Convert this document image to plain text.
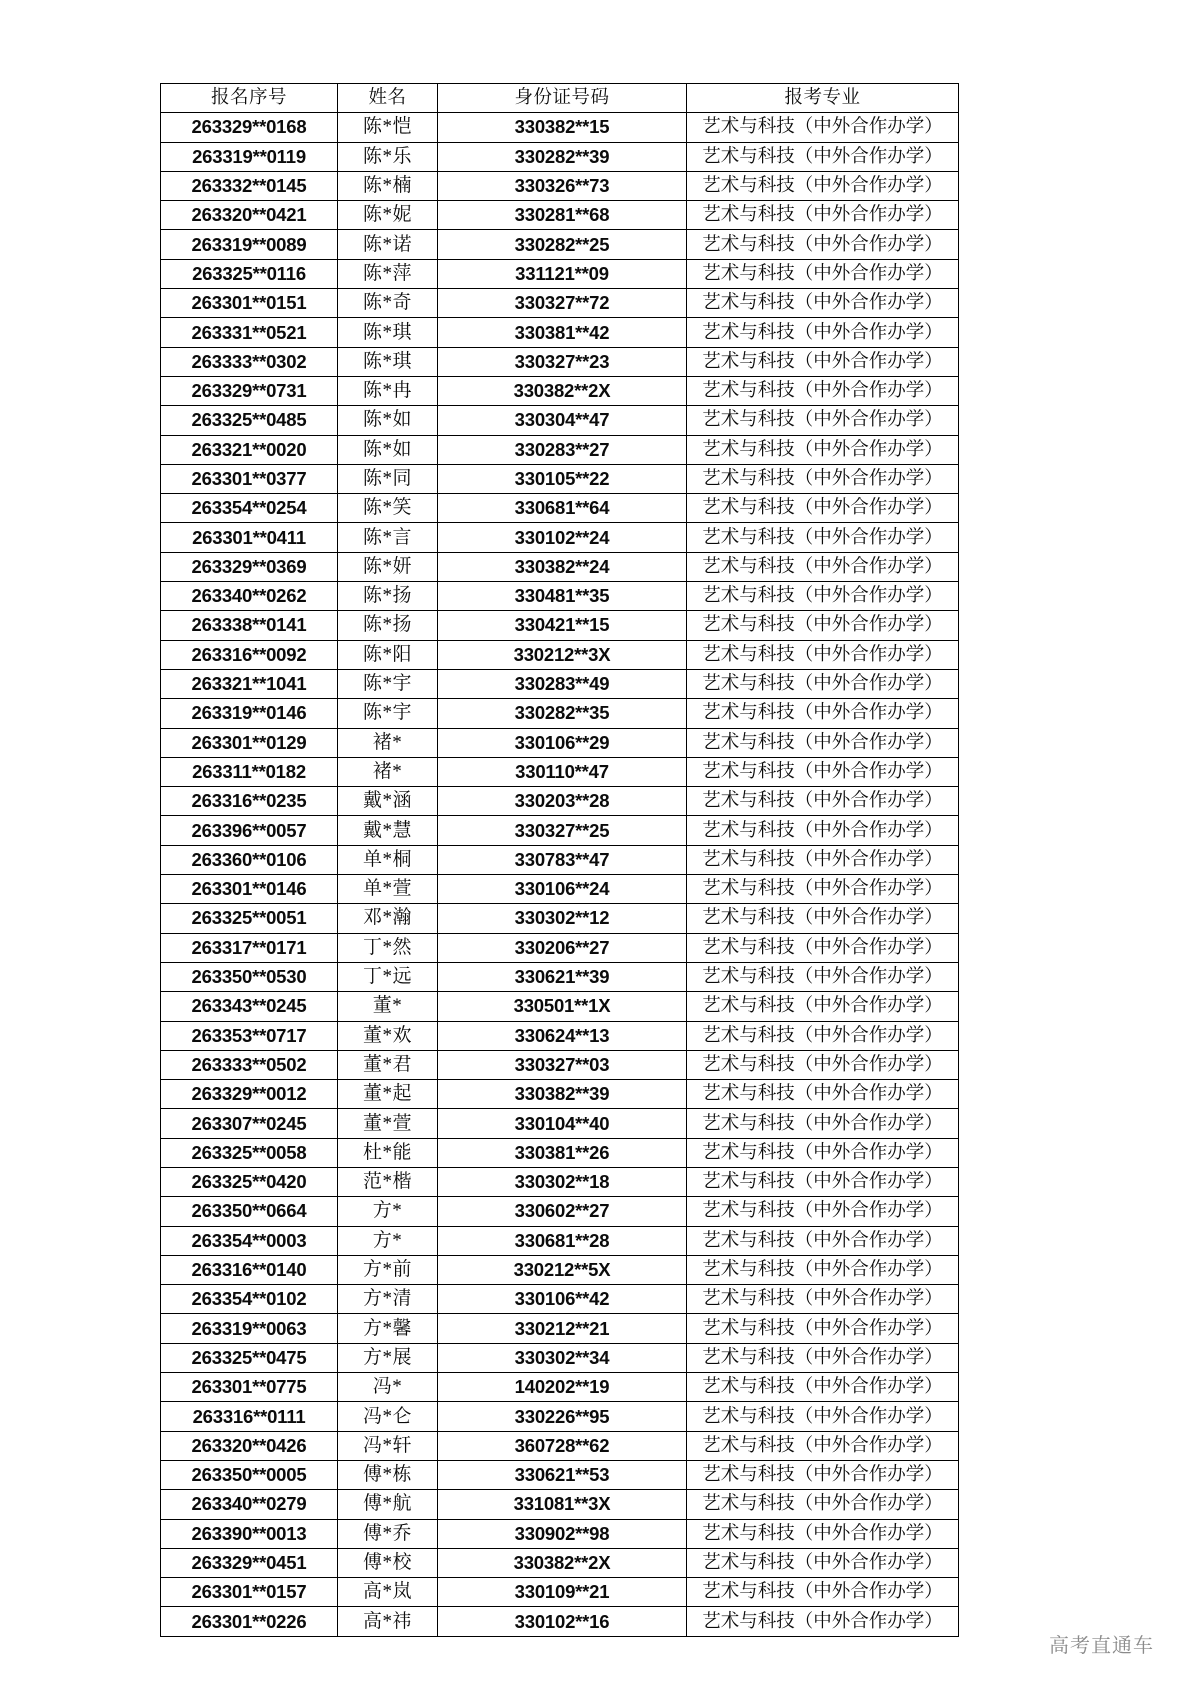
报名序号	姓名	身份证号码	报考专业
263329**0168	陈*恺	330382**15	艺术与科技（中外合作办学）
263319**0119	陈*乐	330282**39	艺术与科技（中外合作办学）
263332**0145	陈*楠	330326**73	艺术与科技（中外合作办学）
263320**0421	陈*妮	330281**68	艺术与科技（中外合作办学）
263319**0089	陈*诺	330282**25	艺术与科技（中外合作办学）
263325**0116	陈*萍	331121**09	艺术与科技（中外合作办学）
263301**0151	陈*奇	330327**72	艺术与科技（中外合作办学）
263331**0521	陈*琪	330381**42	艺术与科技（中外合作办学）
263333**0302	陈*琪	330327**23	艺术与科技（中外合作办学）
263329**0731	陈*冉	330382**2X	艺术与科技（中外合作办学）
263325**0485	陈*如	330304**47	艺术与科技（中外合作办学）
263321**0020	陈*如	330283**27	艺术与科技（中外合作办学）
263301**0377	陈*同	330105**22	艺术与科技（中外合作办学）
263354**0254	陈*笑	330681**64	艺术与科技（中外合作办学）
263301**0411	陈*言	330102**24	艺术与科技（中外合作办学）
263329**0369	陈*妍	330382**24	艺术与科技（中外合作办学）
263340**0262	陈*扬	330481**35	艺术与科技（中外合作办学）
263338**0141	陈*扬	330421**15	艺术与科技（中外合作办学）
263316**0092	陈*阳	330212**3X	艺术与科技（中外合作办学）
263321**1041	陈*宇	330283**49	艺术与科技（中外合作办学）
263319**0146	陈*宇	330282**35	艺术与科技（中外合作办学）
263301**0129	褚*	330106**29	艺术与科技（中外合作办学）
263311**0182	褚*	330110**47	艺术与科技（中外合作办学）
263316**0235	戴*涵	330203**28	艺术与科技（中外合作办学）
263396**0057	戴*慧	330327**25	艺术与科技（中外合作办学）
263360**0106	单*桐	330783**47	艺术与科技（中外合作办学）
263301**0146	单*萱	330106**24	艺术与科技（中外合作办学）
263325**0051	邓*瀚	330302**12	艺术与科技（中外合作办学）
263317**0171	丁*然	330206**27	艺术与科技（中外合作办学）
263350**0530	丁*远	330621**39	艺术与科技（中外合作办学）
263343**0245	董*	330501**1X	艺术与科技（中外合作办学）
263353**0717	董*欢	330624**13	艺术与科技（中外合作办学）
263333**0502	董*君	330327**03	艺术与科技（中外合作办学）
263329**0012	董*起	330382**39	艺术与科技（中外合作办学）
263307**0245	董*萱	330104**40	艺术与科技（中外合作办学）
263325**0058	杜*能	330381**26	艺术与科技（中外合作办学）
263325**0420	范*楷	330302**18	艺术与科技（中外合作办学）
263350**0664	方*	330602**27	艺术与科技（中外合作办学）
263354**0003	方*	330681**28	艺术与科技（中外合作办学）
263316**0140	方*前	330212**5X	艺术与科技（中外合作办学）
263354**0102	方*清	330106**42	艺术与科技（中外合作办学）
263319**0063	方*馨	330212**21	艺术与科技（中外合作办学）
263325**0475	方*展	330302**34	艺术与科技（中外合作办学）
263301**0775	冯*	140202**19	艺术与科技（中外合作办学）
263316**0111	冯*仑	330226**95	艺术与科技（中外合作办学）
263320**0426	冯*轩	360728**62	艺术与科技（中外合作办学）
263350**0005	傅*栋	330621**53	艺术与科技（中外合作办学）
263340**0279	傅*航	331081**3X	艺术与科技（中外合作办学）
263390**0013	傅*乔	330902**98	艺术与科技（中外合作办学）
263329**0451	傅*校	330382**2X	艺术与科技（中外合作办学）
263301**0157	高*岚	330109**21	艺术与科技（中外合作办学）
263301**0226	高*祎	330102**16	艺术与科技（中外合作办学）
高考直通车
